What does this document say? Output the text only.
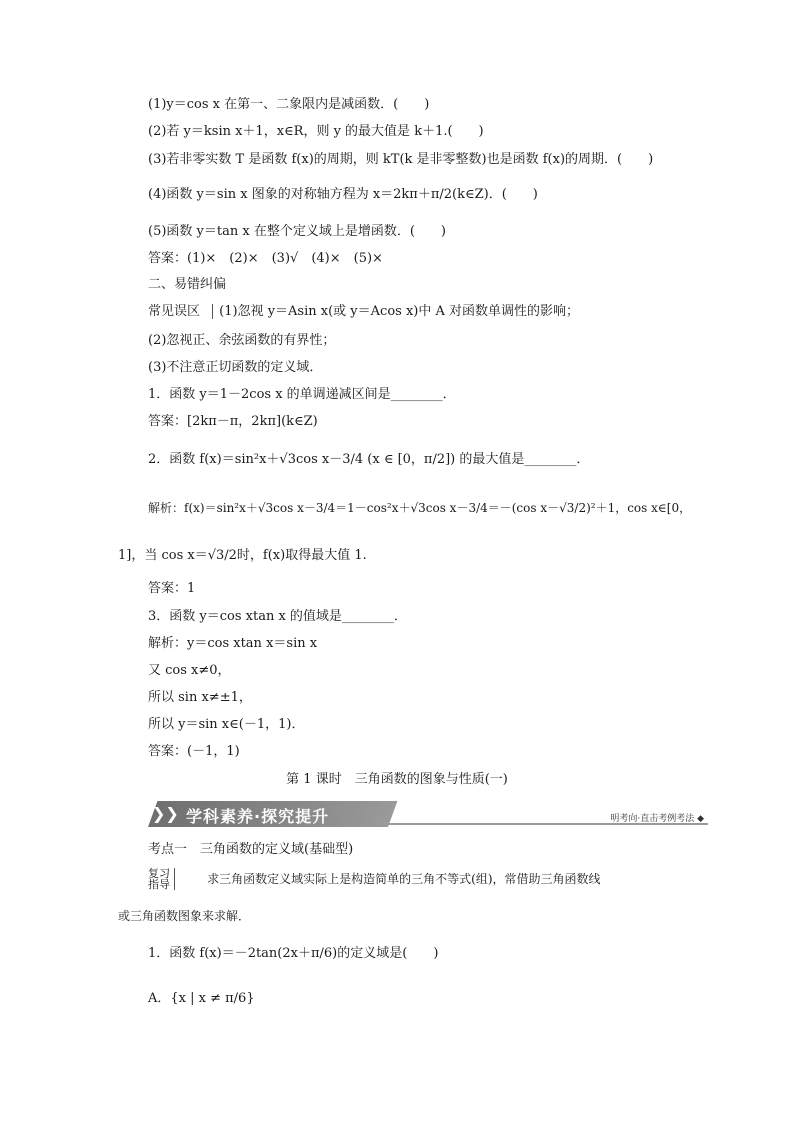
(1)y＝cos x 在第一、二象限内是减函数．(　　)
(2)若 y＝ksin x＋1，x∈R，则 y 的最大值是 k＋1.(　　)
(3)若非零实数 T 是函数 f(x)的周期，则 kT(k 是非零整数)也是函数 f(x)的周期．(　　)
(4)函数 y＝sin x 图象的对称轴方程为 x＝2kπ＋π/2(k∈Z)．(　　)
(5)函数 y＝tan x 在整个定义域上是增函数．(　　)
答案：(1)×　(2)×　(3)√　(4)×　(5)×
二、易错纠偏
常见误区 (1)忽视 y＝Asin x(或 y＝Acos x)中 A 对函数单调性的影响；
(2)忽视正、余弦函数的有界性；
(3)不注意正切函数的定义域．
1．函数 y＝1－2cos x 的单调递减区间是________．
答案：[2kπ－π，2kπ](k∈Z)
2．函数 f(x)＝sin²x＋√3cos x－3/4 (x ∈ [0，π/2]) 的最大值是________．
解析：f(x)＝sin²x＋√3cos x－3/4＝1－cos²x＋√3cos x－3/4＝－(cos x－√3/2)²＋1，cos x∈[0，
1]，当 cos x＝√3/2时，f(x)取得最大值 1.
答案：1
3．函数 y＝cos xtan x 的值域是________．
解析：y＝cos xtan x＝sin x
又 cos x≠0，
所以 sin x≠±1，
所以 y＝sin x∈(－1，1)．
答案：(－1，1)
第 1 课时　三角函数的图象与性质(一)
❯❯ 学科素养·探究提升	明考向·直击考例考法 ◆
考点一　三角函数的定义域(基础型)
复习
指导	求三角函数定义域实际上是构造简单的三角不等式(组)，常借助三角函数线
或三角函数图象来求解．
1．函数 f(x)＝－2tan(2x＋π/6)的定义域是(　　)
A．{x | x ≠ π/6}
